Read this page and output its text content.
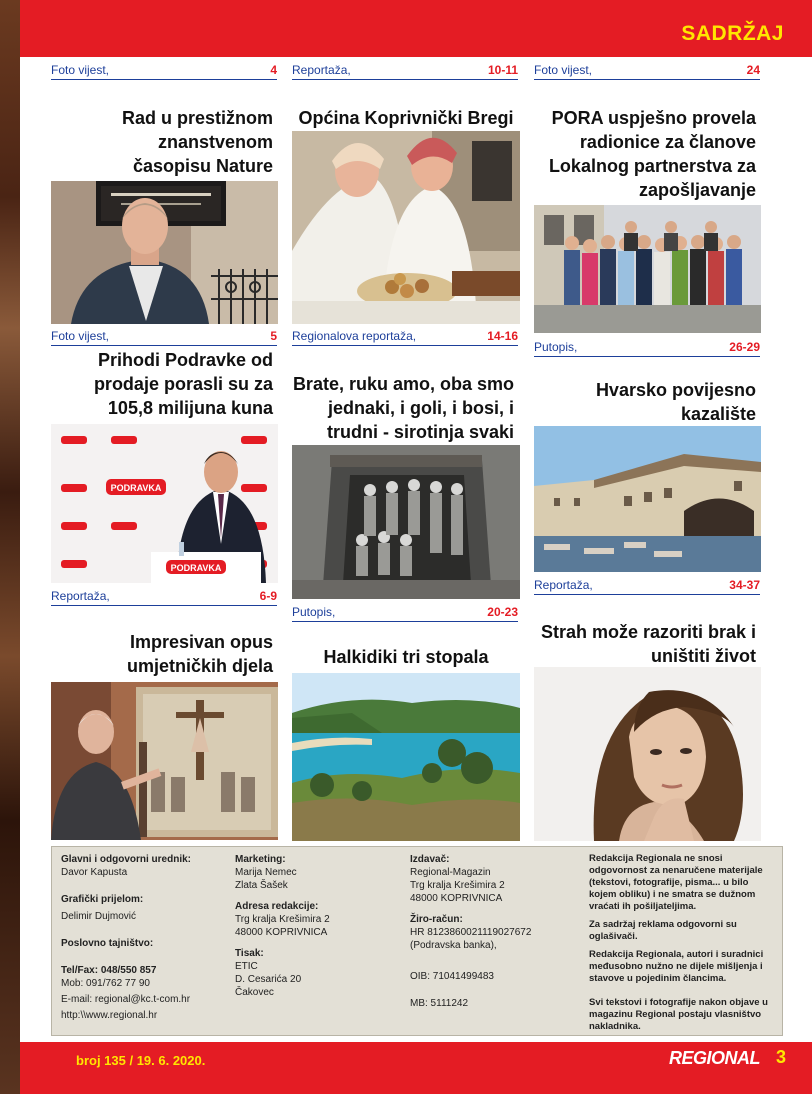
SADRŽAJ
Foto vijest,	4 Reportaža,	10-11 Foto vijest,	24
Rad u prestižnom
znanstvenom
časopisu Nature
Foto vijest,	5
Općina Koprivnički Bregi
Regionalova reportaža,	14-16
PORA uspješno provela
radionice za članove
Lokalnog partnerstva za
zapošljavanje
Putopis,	26-29
Prihodi Podravke od
prodaje porasli su za
105,8 milijuna kuna
PODRAVKA
PODRAVKA
Reportaža,	6-9
Brate, ruku amo, oba smo
jednaki, i goli, i bosi, i
trudni - sirotinja svaki
Putopis,	20-23
Hvarsko povijesno
kazalište
Reportaža,	34-37
Impresivan opus
umjetničkih djela	Halkidiki tri stopala
Strah može razoriti brak i
uništiti život
Glavni i odgovorni urednik:
Davor Kapusta
Grafički prijelom:
Delimir Dujmović
Poslovno tajništvo:
Tel/Fax: 048/550 857
Mob: 091/762 77 90
E-mail: regional@kc.t-com.hr
http:\\www.regional.hr
Marketing:
Marija Nemec
Zlata Šašek
Adresa redakcije:
Trg kralja Krešimira 2
48000 KOPRIVNICA
Tisak:
ETIC
D. Cesarića 20
Čakovec
Izdavač:
Regional-Magazin
Trg kralja Krešimira 2
48000 KOPRIVNICA
Žiro-račun:
HR 8123860021119027672
(Podravska banka),
OIB: 71041499483
MB: 5111242

Redakcija Regionala ne snosi odgovornost za nenaručene materijale (tekstovi, fotografije, pisma... u bilo kojem obliku) i ne smatra se dužnom vraćati ih pošiljateljima.

Za sadržaj reklama odgovorni su oglašivači.

Redakcija Regionala, autori i suradnici međusobno nužno ne dijele mišljenja i stavove u pojedinim člancima.

Svi tekstovi i fotografije nakon objave u magazinu Regional postaju vlasništvo nakladnika.

broj 135 / 19. 6. 2020.	REGIONAL 3
